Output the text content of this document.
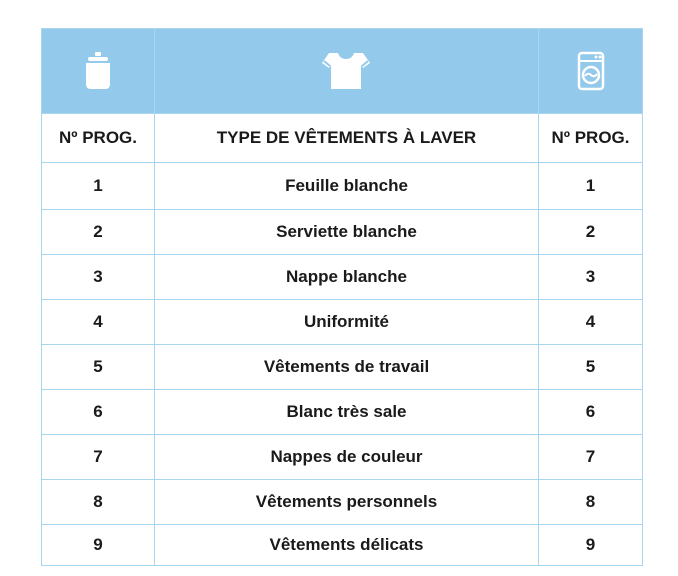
Nº PROG.	TYPE DE VÊTEMENTS À LAVER	Nº PROG.
1	Feuille blanche	1
2	Serviette blanche	2
3	Nappe blanche	3
4	Uniformité	4
5	Vêtements de travail	5
6	Blanc très sale	6
7	Nappes de couleur	7
8	Vêtements personnels	8
9	Vêtements délicats	9
